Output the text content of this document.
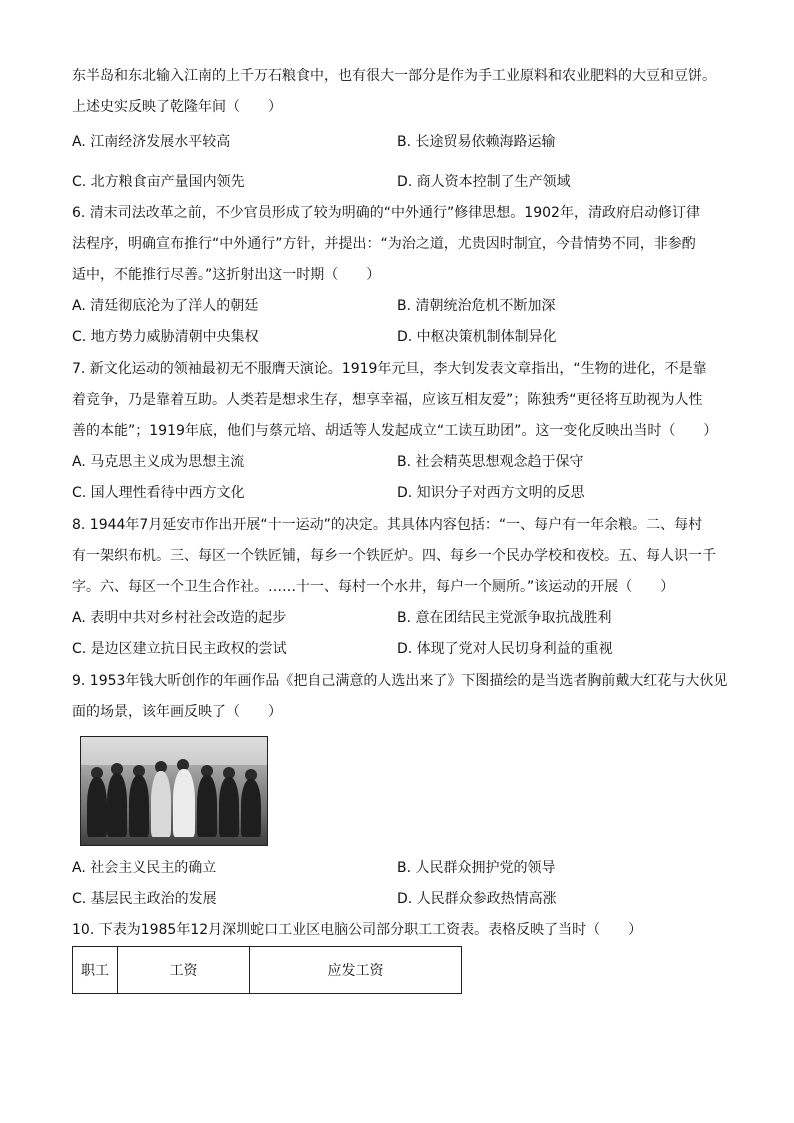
东半岛和东北输入江南的上千万石粮食中，也有很大一部分是作为手工业原料和农业肥料的大豆和豆饼。
上述史实反映了乾隆年间（　　）
A. 江南经济发展水平较高	B. 长途贸易依赖海路运输
C. 北方粮食亩产量国内领先	D. 商人资本控制了生产领域
6. 清末司法改革之前，不少官员形成了较为明确的“中外通行”修律思想。1902年，清政府启动修订律
法程序，明确宣布推行“中外通行”方针，并提出：“为治之道，尤贵因时制宜，今昔情势不同，非参酌
适中，不能推行尽善。”这折射出这一时期（　　）
A. 清廷彻底沦为了洋人的朝廷	B. 清朝统治危机不断加深
C. 地方势力威胁清朝中央集权	D. 中枢决策机制体制异化
7. 新文化运动的领袖最初无不服膺天演论。1919年元旦，李大钊发表文章指出，“生物的进化，不是靠
着竞争，乃是靠着互助。人类若是想求生存，想享幸福，应该互相友爱”；陈独秀“更径将互助视为人性
善的本能”；1919年底，他们与蔡元培、胡适等人发起成立“工读互助团”。这一变化反映出当时（　　）
A. 马克思主义成为思想主流	B. 社会精英思想观念趋于保守
C. 国人理性看待中西方文化	D. 知识分子对西方文明的反思
8. 1944年7月延安市作出开展“十一运动”的决定。其具体内容包括：“一、每户有一年余粮。二、每村
有一架织布机。三、每区一个铁匠铺，每乡一个铁匠炉。四、每乡一个民办学校和夜校。五、每人识一千
字。六、每区一个卫生合作社。……十一、每村一个水井，每户一个厕所。”该运动的开展（　　）
A. 表明中共对乡村社会改造的起步	B. 意在团结民主党派争取抗战胜利
C. 是边区建立抗日民主政权的尝试	D. 体现了党对人民切身利益的重视
9. 1953年钱大昕创作的年画作品《把自己满意的人选出来了》下图描绘的是当选者胸前戴大红花与大伙见
面的场景，该年画反映了（　　）
A. 社会主义民主的确立	B. 人民群众拥护党的领导
C. 基层民主政治的发展	D. 人民群众参政热情高涨
10. 下表为1985年12月深圳蛇口工业区电脑公司部分职工工资表。表格反映了当时（　　）
职工	工资	应发工资
